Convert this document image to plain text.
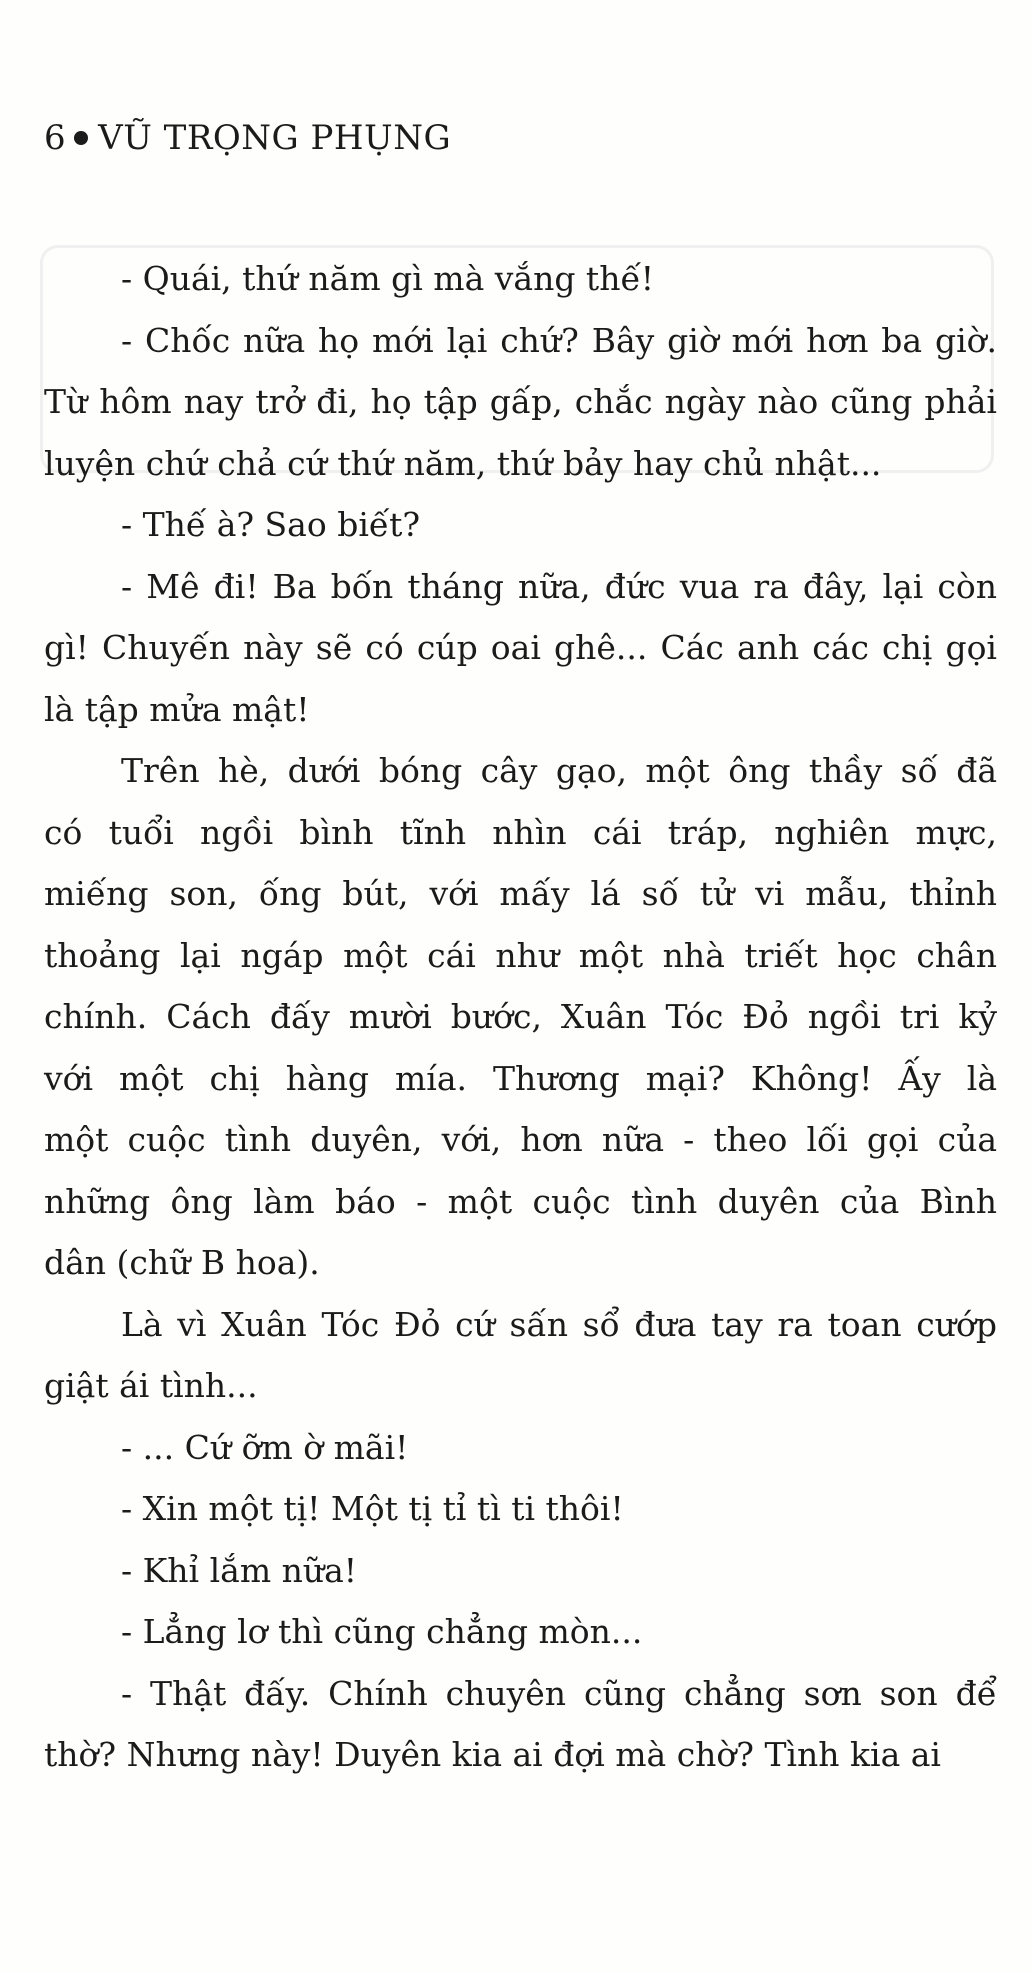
6 VŨ TRỌNG PHỤNG
- Quái, thứ năm gì mà vắng thế!
- Chốc nữa họ mới lại chứ? Bây giờ mới hơn ba giờ.
Từ hôm nay trở đi, họ tập gấp, chắc ngày nào cũng phải
luyện chứ chả cứ thứ năm, thứ bảy hay chủ nhật...
- Thế à? Sao biết?
- Mê đi! Ba bốn tháng nữa, đức vua ra đây, lại còn
gì! Chuyến này sẽ có cúp oai ghê... Các anh các chị gọi
là tập mửa mật!
Trên hè, dưới bóng cây gạo, một ông thầy số đã
có tuổi ngồi bình tĩnh nhìn cái tráp, nghiên mực,
miếng son, ống bút, với mấy lá số tử vi mẫu, thỉnh
thoảng lại ngáp một cái như một nhà triết học chân
chính. Cách đấy mười bước, Xuân Tóc Đỏ ngồi tri kỷ
với một chị hàng mía. Thương mại? Không! Ấy là
một cuộc tình duyên, với, hơn nữa - theo lối gọi của
những ông làm báo - một cuộc tình duyên của Bình
dân (chữ B hoa).
Là vì Xuân Tóc Đỏ cứ sấn sổ đưa tay ra toan cướp
giật ái tình...
- ... Cứ ỡm ờ mãi!
- Xin một tị! Một tị tỉ tì ti thôi!
- Khỉ lắm nữa!
- Lẳng lơ thì cũng chẳng mòn...
- Thật đấy. Chính chuyên cũng chẳng sơn son để
thờ? Nhưng này! Duyên kia ai đợi mà chờ? Tình kia ai
